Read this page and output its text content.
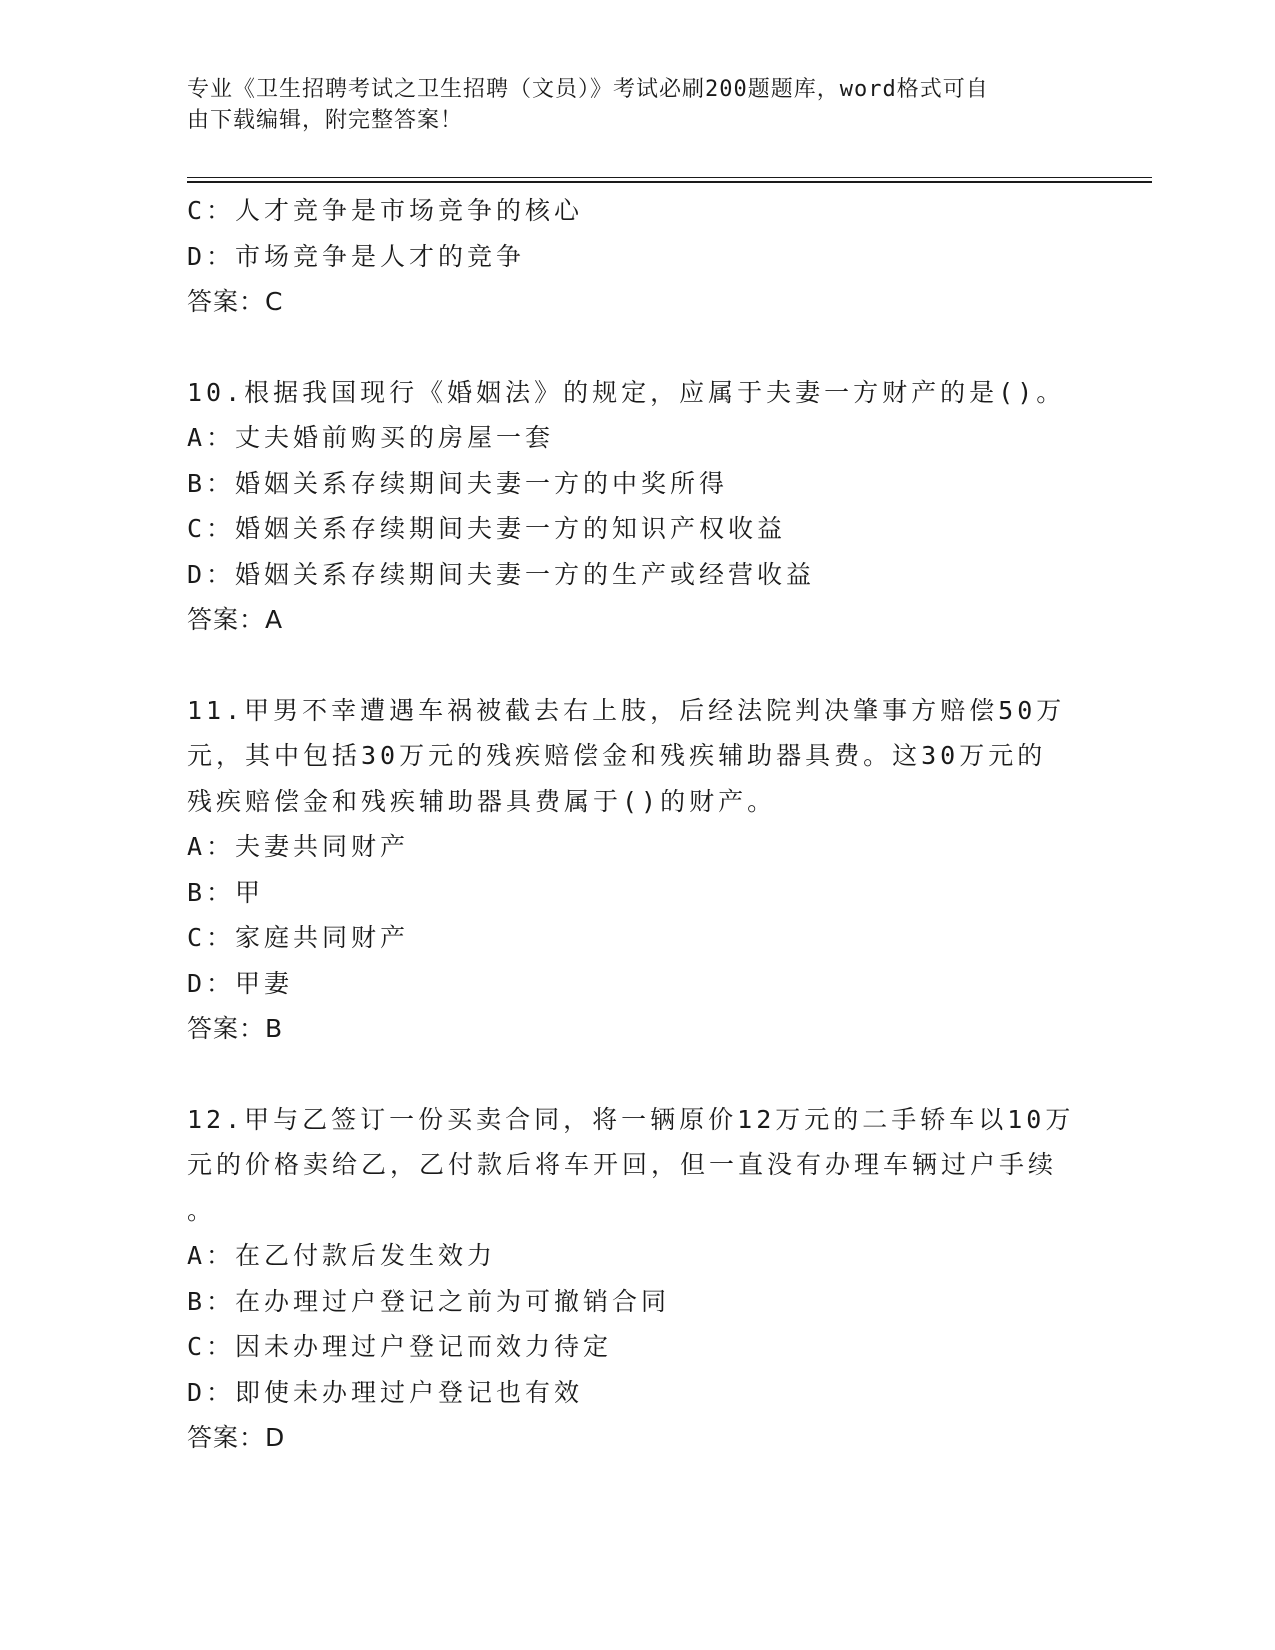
专业《卫生招聘考试之卫生招聘（文员）》考试必刷200题题库，word格式可自
由下载编辑，附完整答案！
C：人才竞争是市场竞争的核心
D：市场竞争是人才的竞争
答案：C
10.根据我国现行《婚姻法》的规定，应属于夫妻一方财产的是()。
A：丈夫婚前购买的房屋一套
B：婚姻关系存续期间夫妻一方的中奖所得
C：婚姻关系存续期间夫妻一方的知识产权收益
D：婚姻关系存续期间夫妻一方的生产或经营收益
答案：A
11.甲男不幸遭遇车祸被截去右上肢，后经法院判决肇事方赔偿50万
元，其中包括30万元的残疾赔偿金和残疾辅助器具费。这30万元的
残疾赔偿金和残疾辅助器具费属于()的财产。
A：夫妻共同财产
B：甲
C：家庭共同财产
D：甲妻
答案：B
12.甲与乙签订一份买卖合同，将一辆原价12万元的二手轿车以10万
元的价格卖给乙，乙付款后将车开回，但一直没有办理车辆过户手续
。
A：在乙付款后发生效力
B：在办理过户登记之前为可撤销合同
C：因未办理过户登记而效力待定
D：即使未办理过户登记也有效
答案：D
